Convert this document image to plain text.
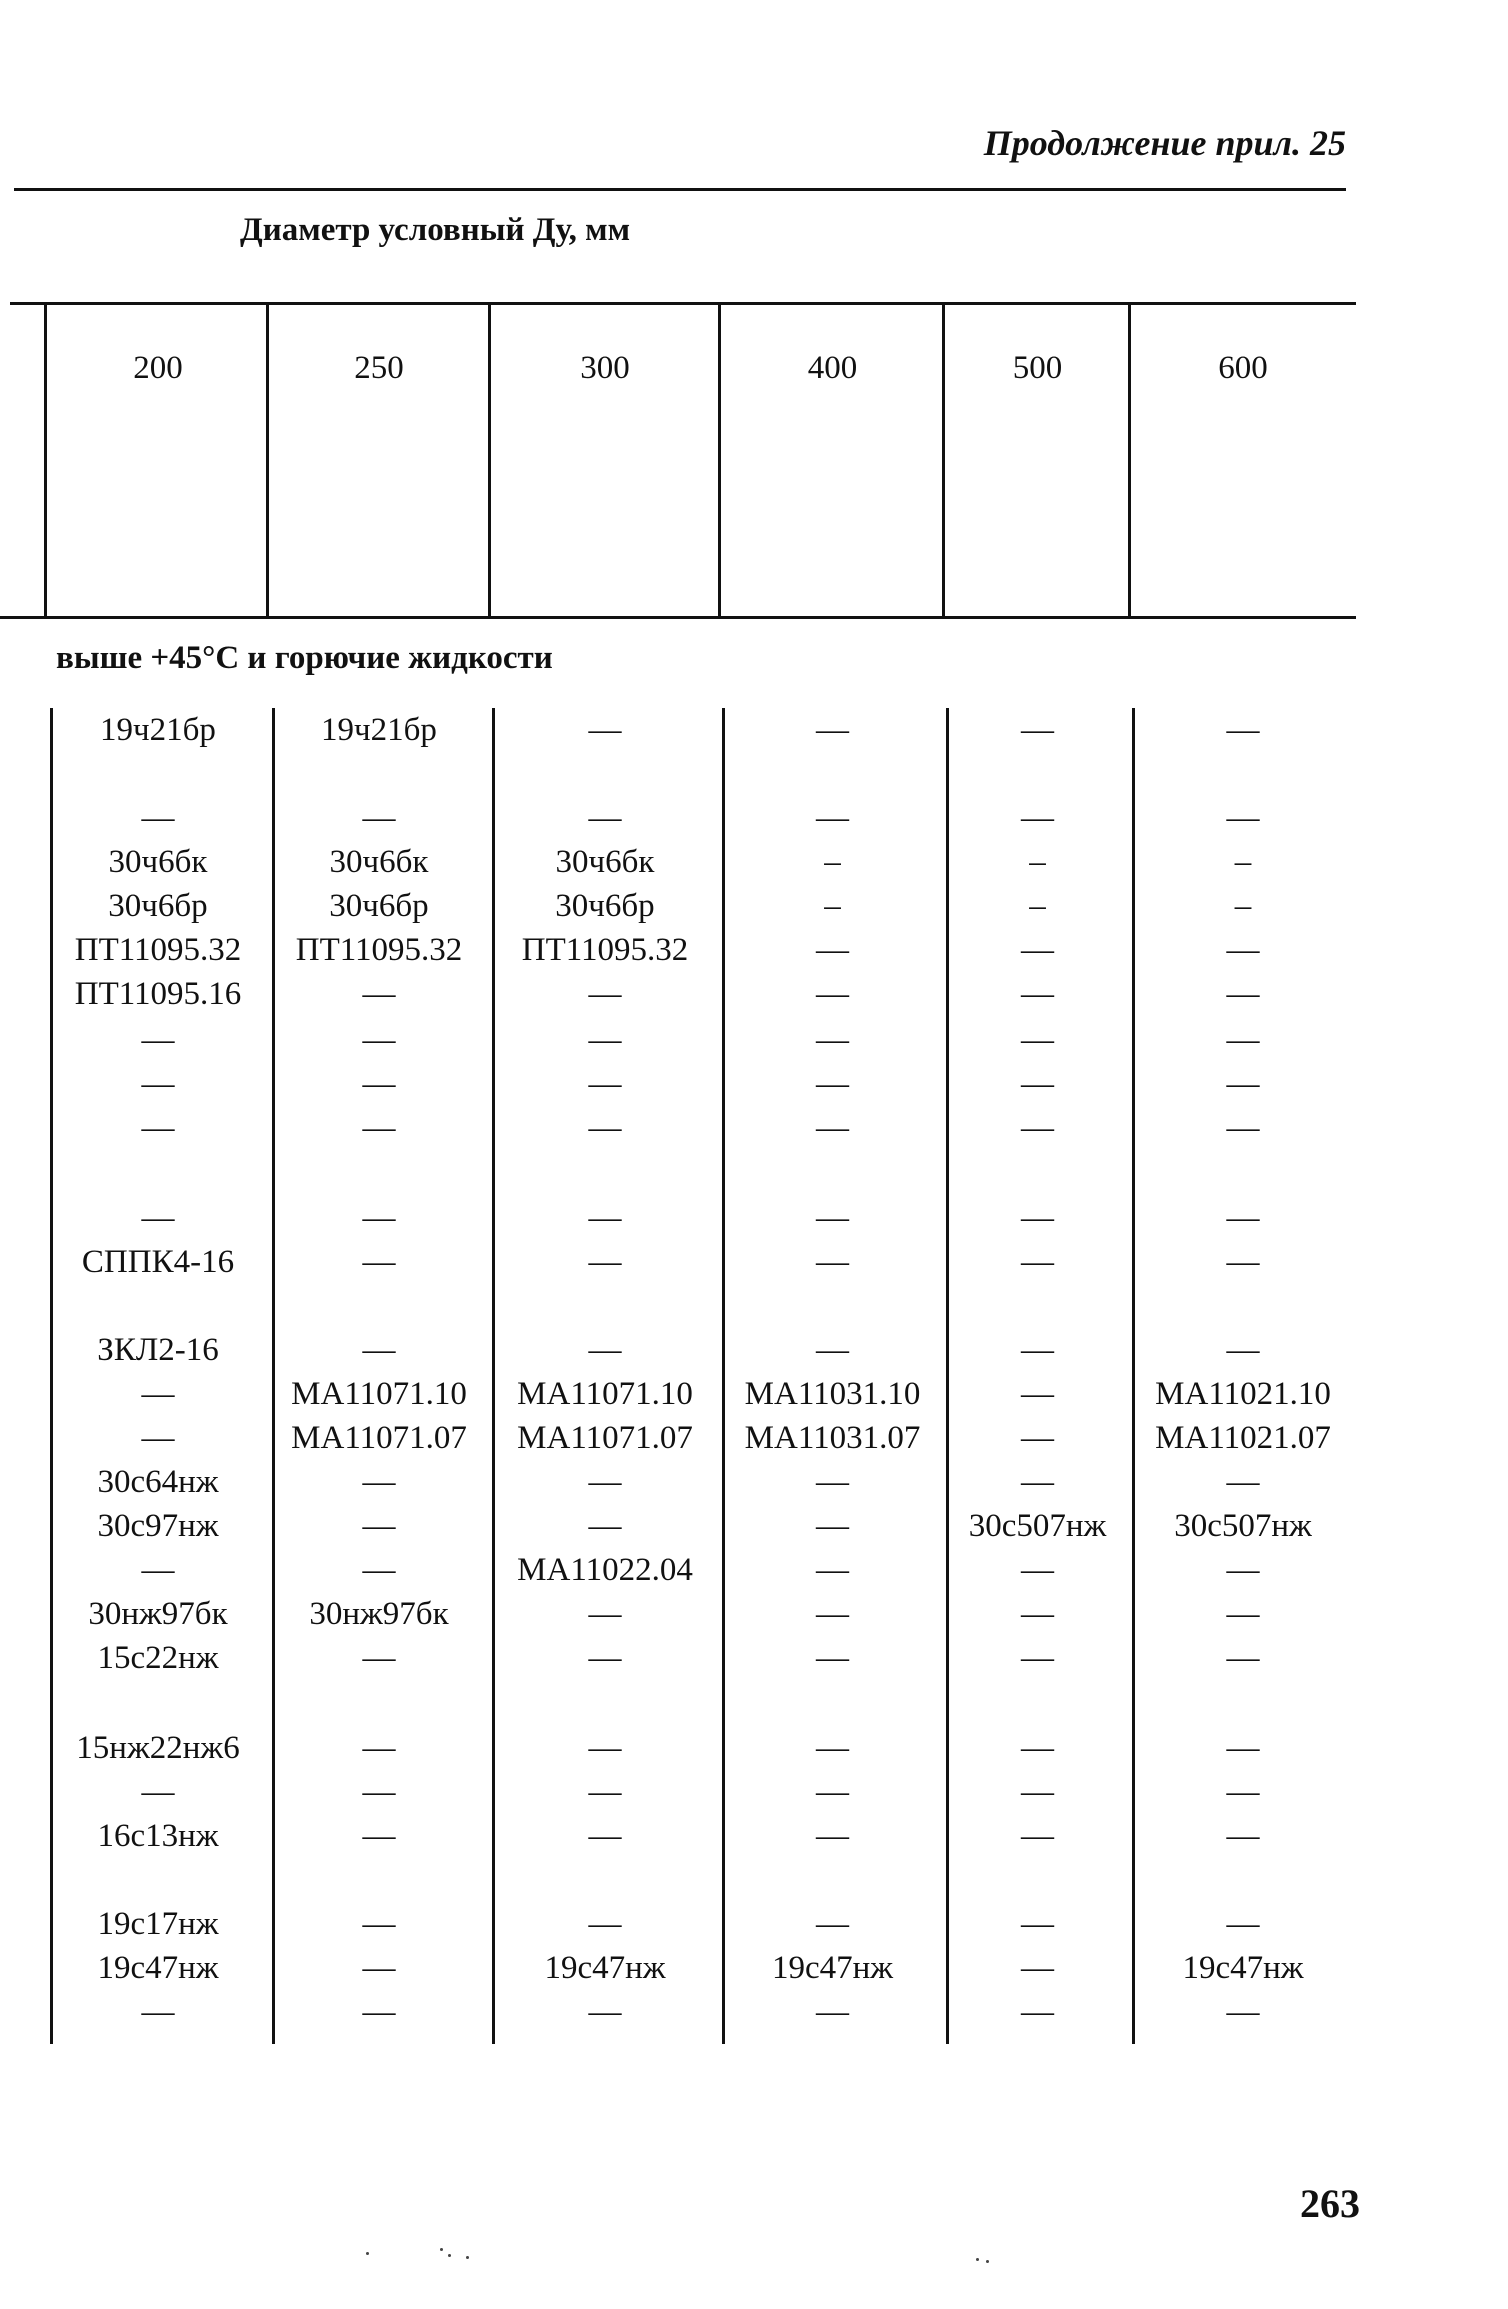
Продолжение прил. 25
Диаметр условный Ду, мм
200	250	300	400	500	600
выше +45°C и горючие жидкости
19ч21бр	19ч21бр	—	—	—	—
—	—	—	—	—	—
30ч6бк	30ч6бк	30ч6бк	–	–	–
30ч6бр	30ч6бр	30ч6бр	–	–	–
ПТ11095.32	ПТ11095.32	ПТ11095.32	—	—	—
ПТ11095.16	—	—	—	—	—
—	—	—	—	—	—
—	—	—	—	—	—
—	—	—	—	—	—
—	—	—	—	—	—
СППК4-16	—	—	—	—	—
ЗКЛ2-16	—	—	—	—	—
—	МА11071.10	МА11071.10	МА11031.10	—	МА11021.10
—	МА11071.07	МА11071.07	МА11031.07	—	МА11021.07
30с64нж	—	—	—	—	—
30с97нж	—	—	—	30с507нж	30с507нж
—	—	МА11022.04	—	—	—
30нж97бк	30нж97бк	—	—	—	—
15с22нж	—	—	—	—	—
15нж22нж6	—	—	—	—	—
—	—	—	—	—	—
16с13нж	—	—	—	—	—
19с17нж	—	—	—	—	—
19с47нж	—	19с47нж	19с47нж	—	19с47нж
—	—	—	—	—	—
263
